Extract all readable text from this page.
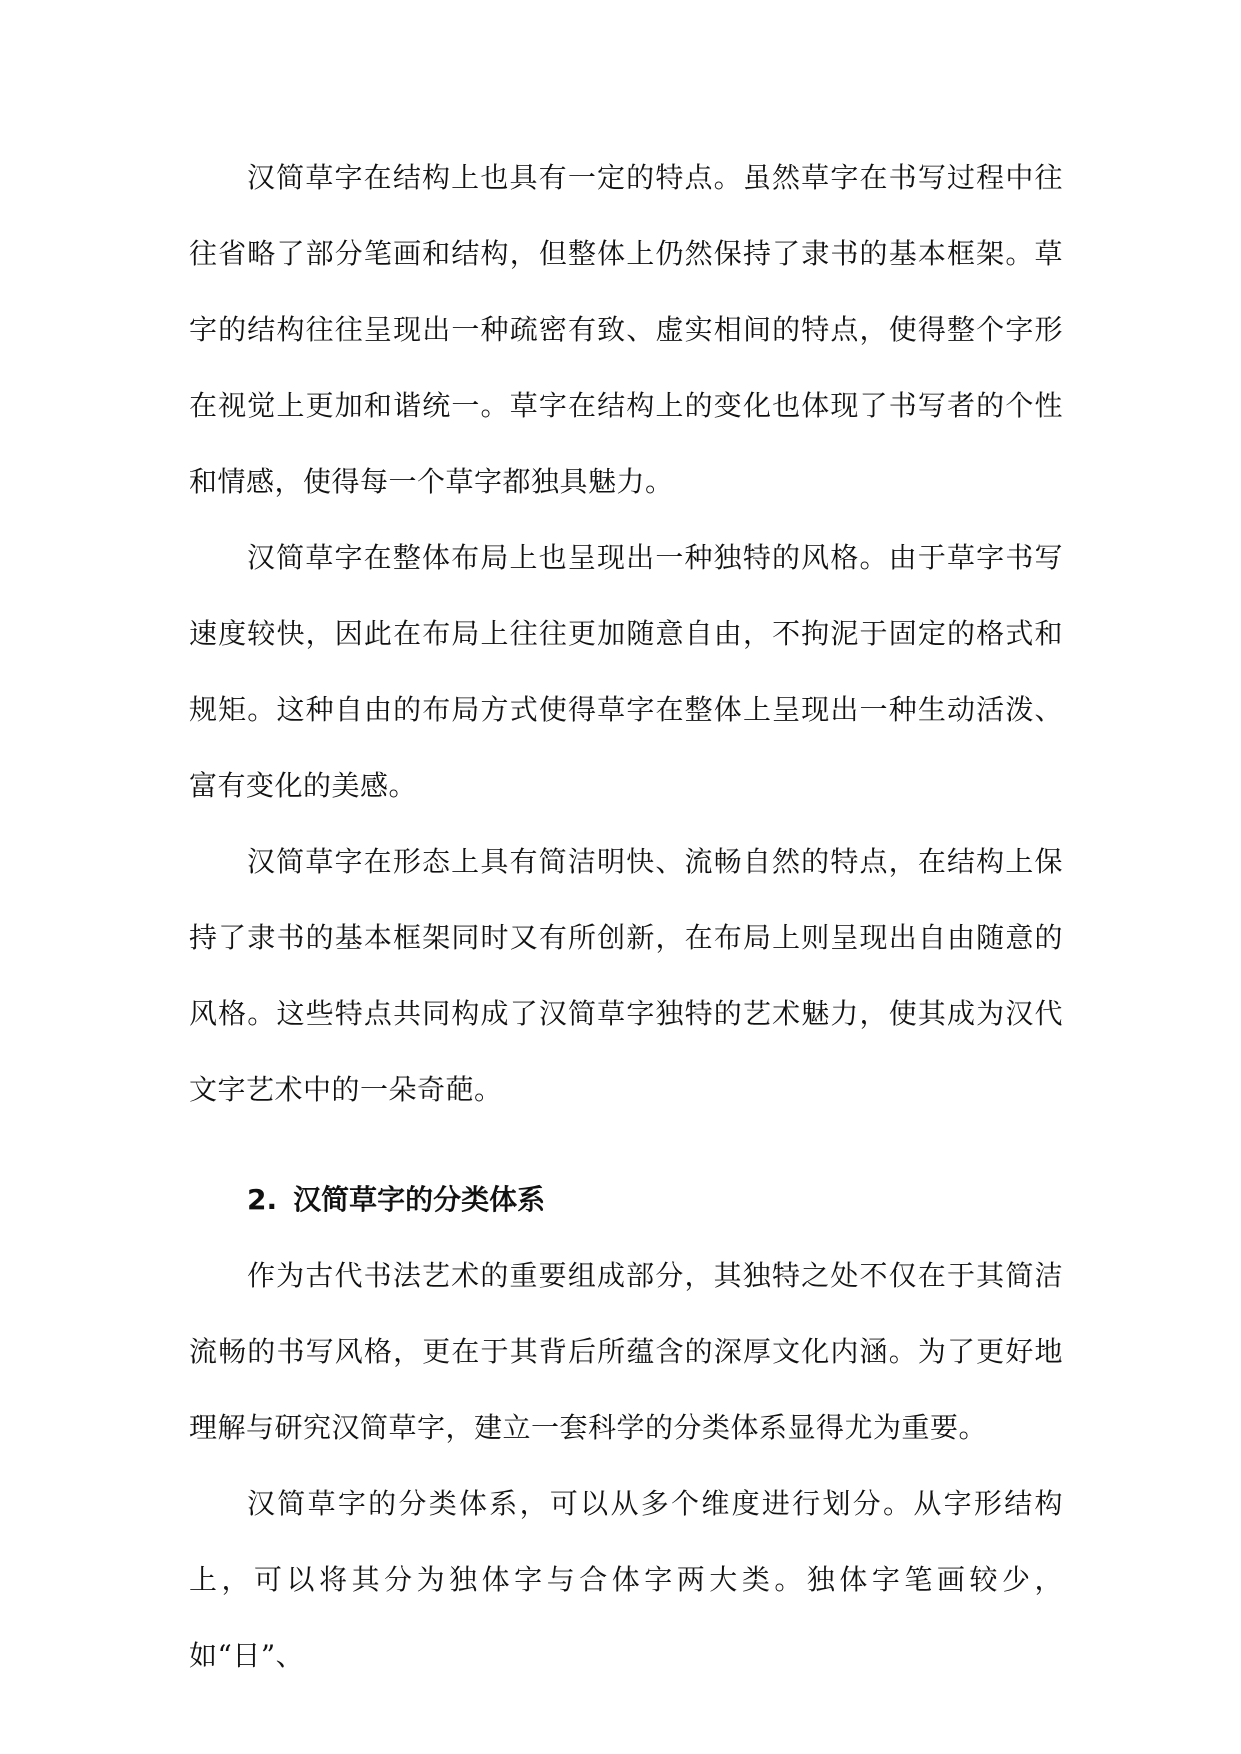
汉简草字在结构上也具有一定的特点。虽然草字在书写过程中往往省略了部分笔画和结构，但整体上仍然保持了隶书的基本框架。草字的结构往往呈现出一种疏密有致、虚实相间的特点，使得整个字形在视觉上更加和谐统一。草字在结构上的变化也体现了书写者的个性和情感，使得每一个草字都独具魅力。

汉简草字在整体布局上也呈现出一种独特的风格。由于草字书写速度较快，因此在布局上往往更加随意自由，不拘泥于固定的格式和规矩。这种自由的布局方式使得草字在整体上呈现出一种生动活泼、富有变化的美感。

汉简草字在形态上具有简洁明快、流畅自然的特点，在结构上保持了隶书的基本框架同时又有所创新，在布局上则呈现出自由随意的风格。这些特点共同构成了汉简草字独特的艺术魅力，使其成为汉代文字艺术中的一朵奇葩。

2. 汉简草字的分类体系

作为古代书法艺术的重要组成部分，其独特之处不仅在于其简洁流畅的书写风格，更在于其背后所蕴含的深厚文化内涵。为了更好地理解与研究汉简草字，建立一套科学的分类体系显得尤为重要。

汉简草字的分类体系，可以从多个维度进行划分。从字形结构上，可以将其分为独体字与合体字两大类。独体字笔画较少，如“日”、
